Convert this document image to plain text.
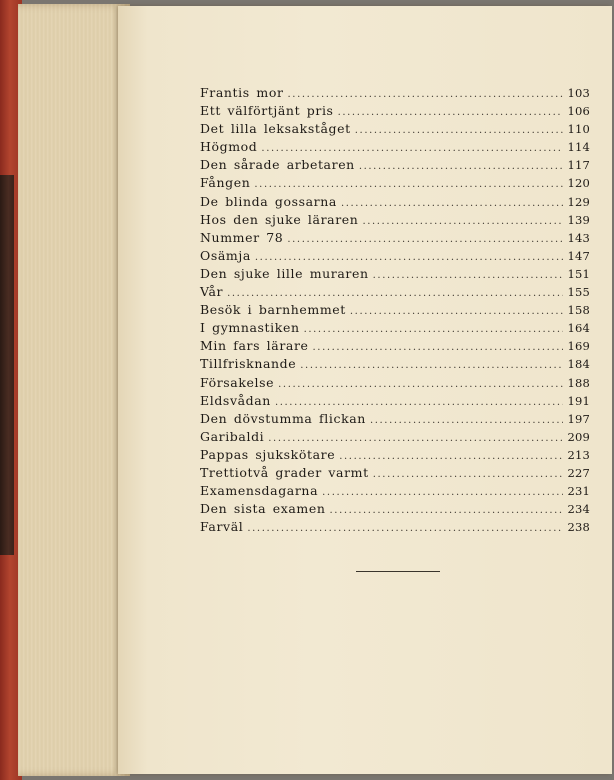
Frantis mor .....	103
Ett välförtjänt pris .....	106
Det lilla leksakståget .....	110
Högmod .....	114
Den sårade arbetaren .....	117
Fången .....	120
De blinda gossarna .....	129
Hos den sjuke läraren .....	139
Nummer 78 .....	143
Osämja .....	147
Den sjuke lille muraren .....	151
Vår .....	155
Besök i barnhemmet .....	158
I gymnastiken .....	164
Min fars lärare .....	169
Tillfrisknande .....	184
Försakelse .....	188
Eldsvådan .....	191
Den dövstumma flickan .....	197
Garibaldi .....	209
Pappas sjukskötare .....	213
Trettiotvå grader varmt .....	227
Examensdagarna .....	231
Den sista examen .....	234
Farväl .....	238
